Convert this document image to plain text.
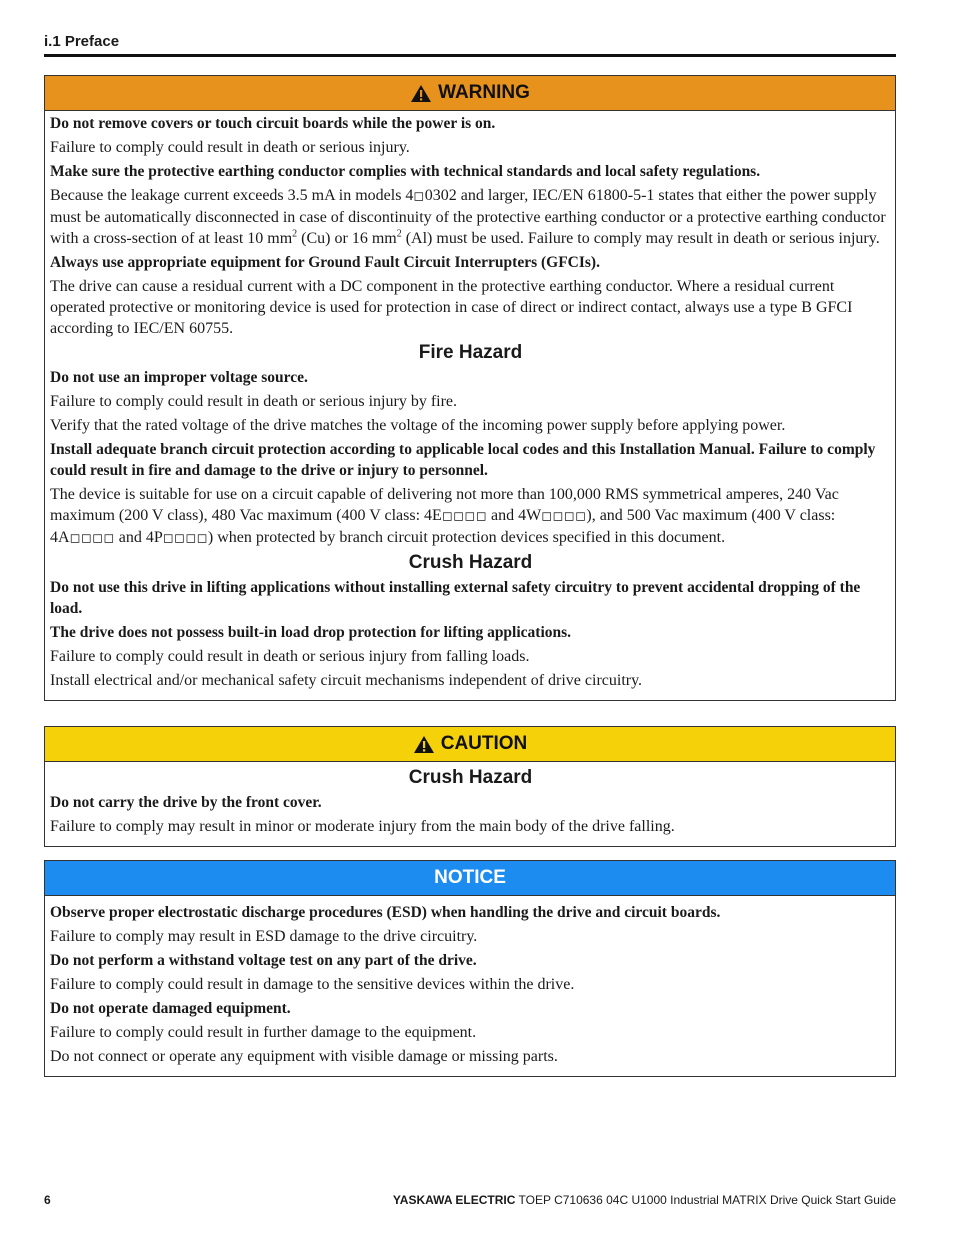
i.1 Preface
WARNING

Do not remove covers or touch circuit boards while the power is on.

Failure to comply could result in death or serious injury.

Make sure the protective earthing conductor complies with technical standards and local safety regulations.

Because the leakage current exceeds 3.5 mA in models 4◻0302 and larger, IEC/EN 61800-5-1 states that either the power supply must be automatically disconnected in case of discontinuity of the protective earthing conductor or a protective earthing conductor with a cross-section of at least 10 $mm^2$ (Cu) or 16 $mm^2$ (Al) must be used. Failure to comply may result in death or serious injury.

Always use appropriate equipment for Ground Fault Circuit Interrupters (GFCIs).

The drive can cause a residual current with a DC component in the protective earthing conductor. Where a residual current operated protective or monitoring device is used for protection in case of direct or indirect contact, always use a type B GFCI according to IEC/EN 60755.

Fire Hazard

Do not use an improper voltage source.

Failure to comply could result in death or serious injury by fire.

Verify that the rated voltage of the drive matches the voltage of the incoming power supply before applying power.

Install adequate branch circuit protection according to applicable local codes and this Installation Manual. Failure to comply could result in fire and damage to the drive or injury to personnel.

The device is suitable for use on a circuit capable of delivering not more than 100,000 RMS symmetrical amperes, 240 Vac maximum (200 V class), 480 Vac maximum (400 V class: 4E◻◻◻◻ and 4W◻◻◻◻), and 500 Vac maximum (400 V class: 4A◻◻◻◻ and 4P◻◻◻◻) when protected by branch circuit protection devices specified in this document.

Crush Hazard

Do not use this drive in lifting applications without installing external safety circuitry to prevent accidental dropping of the load.

The drive does not possess built-in load drop protection for lifting applications.

Failure to comply could result in death or serious injury from falling loads.

Install electrical and/or mechanical safety circuit mechanisms independent of drive circuitry.

CAUTION
Crush Hazard

Do not carry the drive by the front cover.

Failure to comply may result in minor or moderate injury from the main body of the drive falling.

NOTICE

Observe proper electrostatic discharge procedures (ESD) when handling the drive and circuit boards.

Failure to comply may result in ESD damage to the drive circuitry.

Do not perform a withstand voltage test on any part of the drive.

Failure to comply could result in damage to the sensitive devices within the drive.

Do not operate damaged equipment.

Failure to comply could result in further damage to the equipment.

Do not connect or operate any equipment with visible damage or missing parts.

6	YASKAWA ELECTRIC TOEP C710636 04C U1000 Industrial MATRIX Drive Quick Start Guide
